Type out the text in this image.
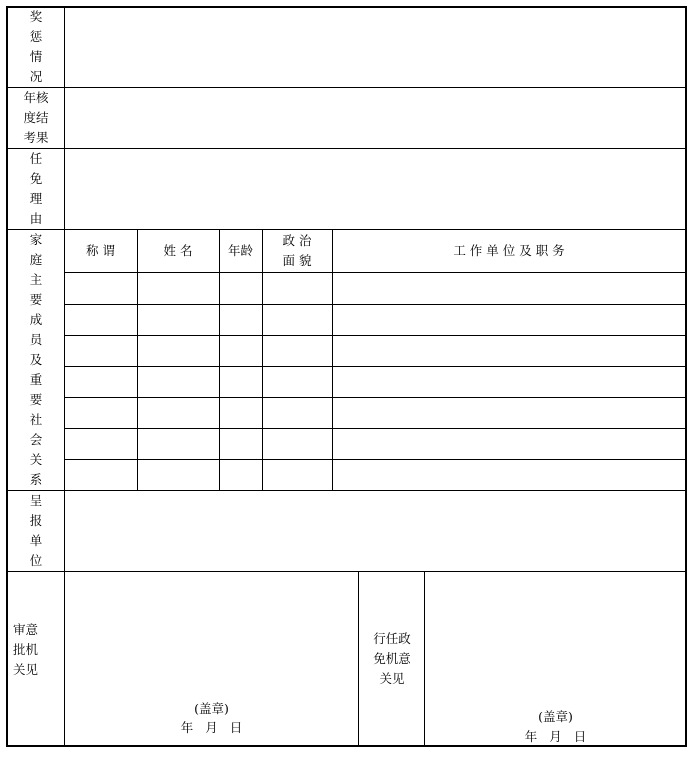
奖惩情况
年核度结考果
任免理由
家庭主要成员及重要社会关系
呈报单位
审意批机关见
行任政免机意关见
称 谓	姓 名	年龄
政 治 面 貌
工 作 单 位 及 职 务
(盖章)
年 月 日
(盖章)
年 月 日
